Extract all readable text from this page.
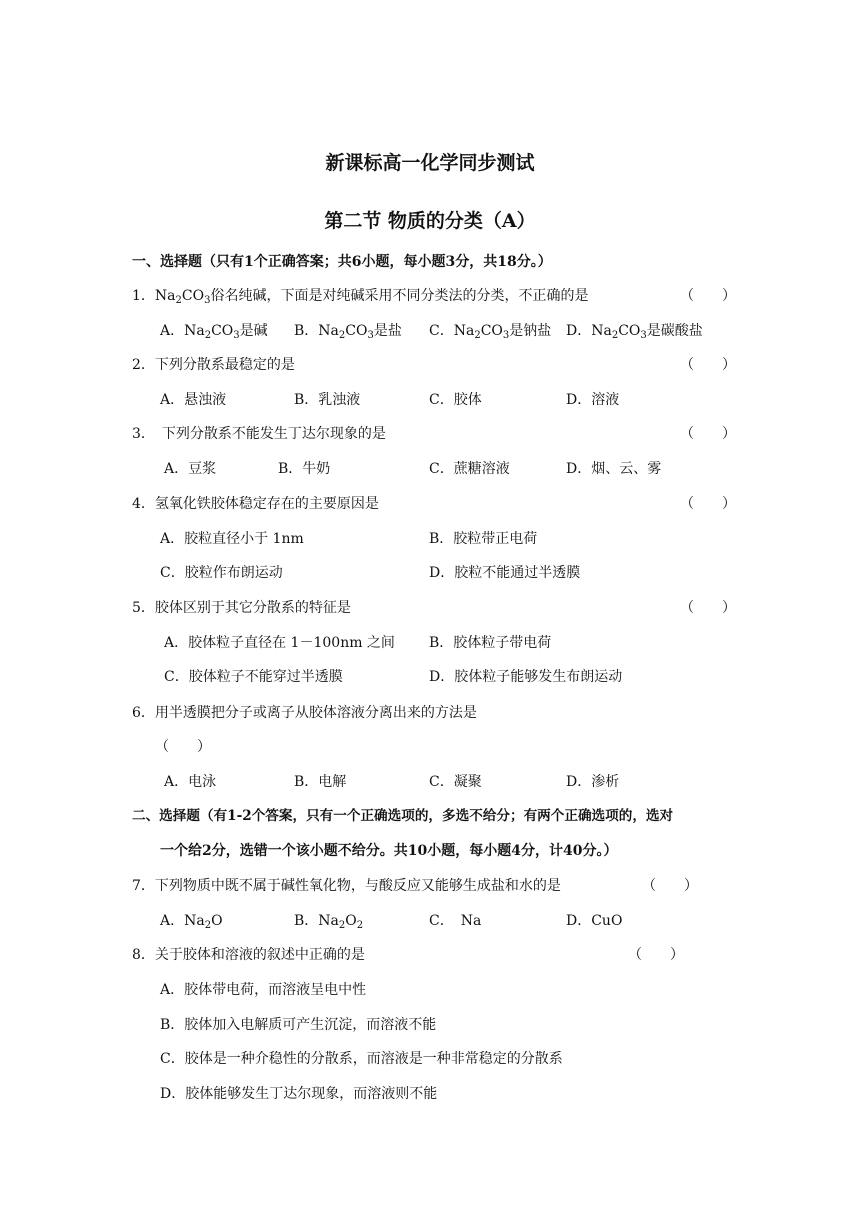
新课标高一化学同步测试
第二节 物质的分类（A）
一、选择题（只有1个正确答案；共6小题，每小题3分，共18分。）
1．$Na_2CO_3$俗名纯碱，下面是对纯碱采用不同分类法的分类，不正确的是	（　　）
A．$Na_2CO_3$是碱 B．$Na_2CO_3$是盐 C．$Na_2CO_3$是钠盐 D．$Na_2CO_3$是碳酸盐
2．下列分散系最稳定的是	（　　）
A．悬浊液	B．乳浊液	C．胶体	D．溶液
3．　下列分散系不能发生丁达尔现象的是	（　　）
A．豆浆	B．牛奶	C．蔗糖溶液	D．烟、云、雾
4．氢氧化铁胶体稳定存在的主要原因是	（　　）
A．胶粒直径小于 1nm	B．胶粒带正电荷
C．胶粒作布朗运动	D．胶粒不能通过半透膜
5．胶体区别于其它分散系的特征是	（　　）
A．胶体粒子直径在 1－100nm 之间 B．胶体粒子带电荷
C．胶体粒子不能穿过半透膜	D．胶体粒子能够发生布朗运动
6．用半透膜把分子或离子从胶体溶液分离出来的方法是
（　　）
A．电泳	B．电解	C．凝聚	D．渗析
二、选择题（有1-2个答案，只有一个正确选项的，多选不给分；有两个正确选项的，选对
一个给2分，选错一个该小题不给分。共10小题，每小题4分，计40分。）
7．下列物质中既不属于碱性氧化物，与酸反应又能够生成盐和水的是	（　　）
A．$Na_2O$	B．$Na_2O_2$	C．　Na	D．CuO
8．关于胶体和溶液的叙述中正确的是	（　　）
A．胶体带电荷，而溶液呈电中性
B．胶体加入电解质可产生沉淀，而溶液不能
C．胶体是一种介稳性的分散系，而溶液是一种非常稳定的分散系
D．胶体能够发生丁达尔现象，而溶液则不能
